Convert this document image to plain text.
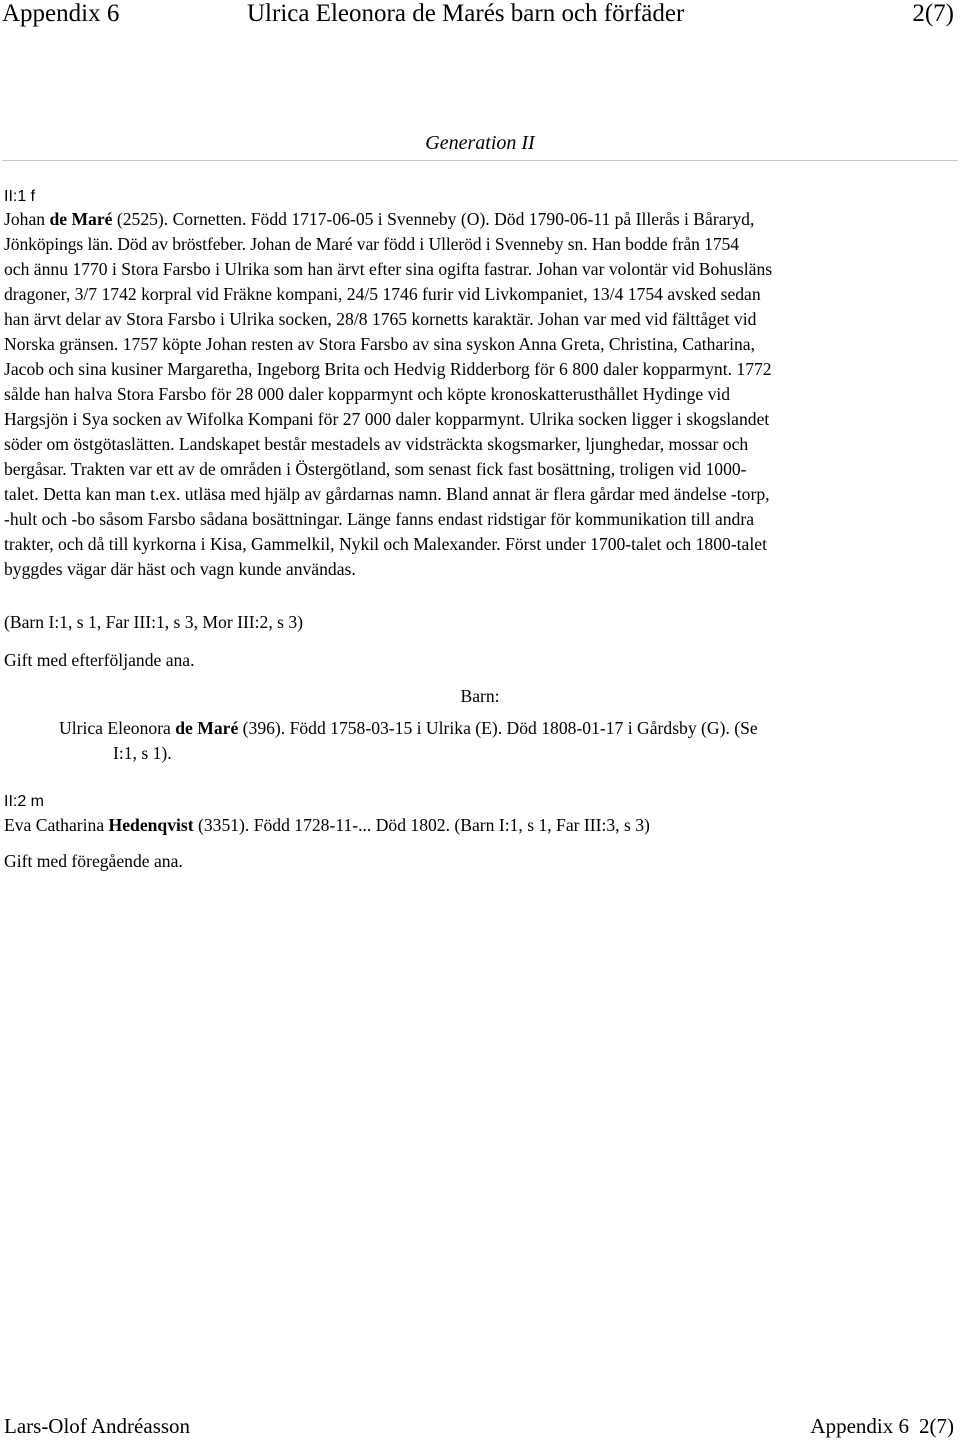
Appendix 6	Ulrica Eleonora de Marés barn och förfäder	2(7)
Generation II
II:1 f
Johan de Maré (2525). Cornetten. Född 1717-06-05 i Svenneby (O). Död 1790-06-11 på Illerås i Båraryd,
Jönköpings län. Död av bröstfeber. Johan de Maré var född i Ulleröd i Svenneby sn. Han bodde från 1754
och ännu 1770 i Stora Farsbo i Ulrika som han ärvt efter sina ogifta fastrar. Johan var volontär vid Bohusläns
dragoner, 3/7 1742 korpral vid Fräkne kompani, 24/5 1746 furir vid Livkompaniet, 13/4 1754 avsked sedan
han ärvt delar av Stora Farsbo i Ulrika socken, 28/8 1765 kornetts karaktär. Johan var med vid fälttåget vid
Norska gränsen. 1757 köpte Johan resten av Stora Farsbo av sina syskon Anna Greta, Christina, Catharina,
Jacob och sina kusiner Margaretha, Ingeborg Brita och Hedvig Ridderborg för 6 800 daler kopparmynt. 1772
sålde han halva Stora Farsbo för 28 000 daler kopparmynt och köpte kronoskatterusthållet Hydinge vid
Hargsjön i Sya socken av Wifolka Kompani för 27 000 daler kopparmynt. Ulrika socken ligger i skogslandet
söder om östgötaslätten. Landskapet består mestadels av vidsträckta skogsmarker, ljunghedar, mossar och
bergåsar. Trakten var ett av de områden i Östergötland, som senast fick fast bosättning, troligen vid 1000-
talet. Detta kan man t.ex. utläsa med hjälp av gårdarnas namn. Bland annat är flera gårdar med ändelse -torp,
-hult och -bo såsom Farsbo sådana bosättningar. Länge fanns endast ridstigar för kommunikation till andra
trakter, och då till kyrkorna i Kisa, Gammelkil, Nykil och Malexander. Först under 1700-talet och 1800-talet
byggdes vägar där häst och vagn kunde användas.
(Barn I:1, s 1, Far III:1, s 3, Mor III:2, s 3)
Gift med efterföljande ana.
Barn:
Ulrica Eleonora de Maré (396). Född 1758-03-15 i Ulrika (E). Död 1808-01-17 i Gårdsby (G). (Se
I:1, s 1).
II:2 m
Eva Catharina Hedenqvist (3351). Född 1728-11-... Död 1802. (Barn I:1, s 1, Far III:3, s 3)
Gift med föregående ana.
Lars-Olof Andréasson	Appendix 6 2(7)
